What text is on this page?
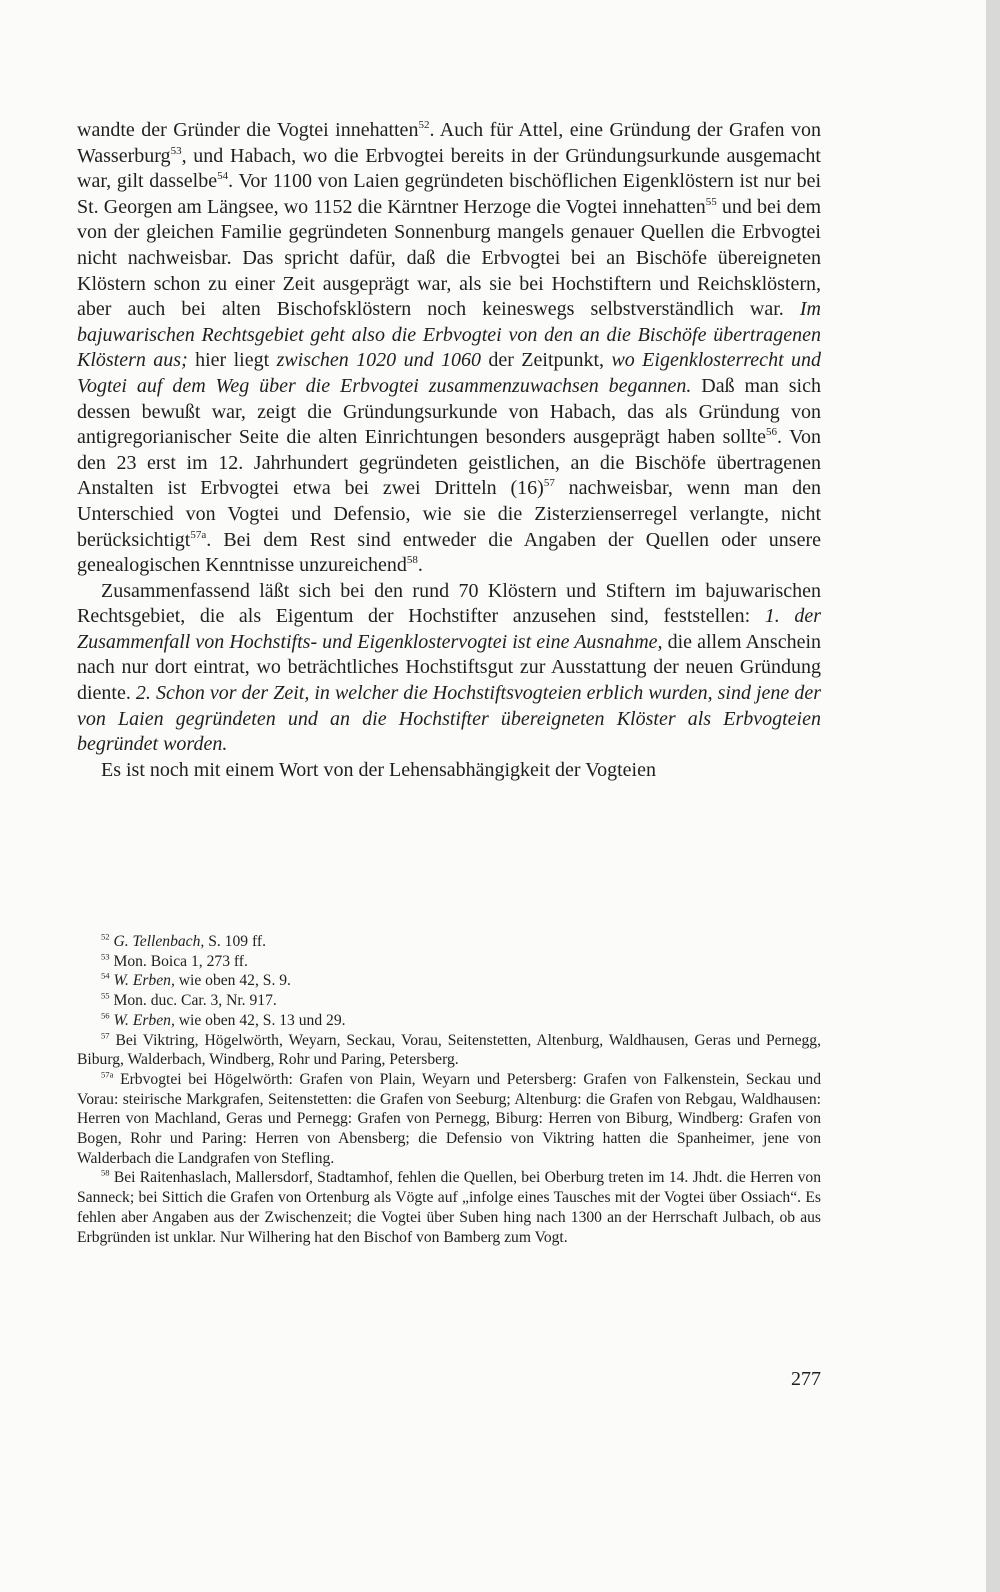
wandte der Gründer die Vogtei innehatten$^{52}$. Auch für Attel, eine Gründung der Grafen von Wasserburg$^{53}$, und Habach, wo die Erbvogtei bereits in der Gründungsurkunde ausgemacht war, gilt dasselbe$^{54}$. Vor 1100 von Laien gegründeten bischöflichen Eigenklöstern ist nur bei St. Georgen am Längsee, wo 1152 die Kärntner Herzoge die Vogtei innehatten$^{55}$ und bei dem von der gleichen Familie gegründeten Sonnenburg mangels genauer Quellen die Erbvogtei nicht nachweisbar. Das spricht dafür, daß die Erbvogtei bei an Bischöfe übereigneten Klöstern schon zu einer Zeit ausgeprägt war, als sie bei Hochstiftern und Reichsklöstern, aber auch bei alten Bischofsklöstern noch keineswegs selbstverständlich war. Im bajuwarischen Rechtsgebiet geht also die Erbvogtei von den an die Bischöfe übertragenen Klöstern aus; hier liegt zwischen 1020 und 1060 der Zeitpunkt, wo Eigenklosterrecht und Vogtei auf dem Weg über die Erbvogtei zusammenzuwachsen begannen. Daß man sich dessen bewußt war, zeigt die Gründungsurkunde von Habach, das als Gründung von antigregorianischer Seite die alten Einrichtungen besonders ausgeprägt haben sollte$^{56}$. Von den 23 erst im 12. Jahrhundert gegründeten geistlichen, an die Bischöfe übertragenen Anstalten ist Erbvogtei etwa bei zwei Dritteln $(16)^{57}$ nachweisbar, wenn man den Unterschied von Vogtei und Defensio, wie sie die Zisterzienserregel verlangte, nicht berücksichtigt$^{57a}$. Bei dem Rest sind entweder die Angaben der Quellen oder unsere genealogischen Kenntnisse unzureichend$^{58}$.

Zusammenfassend läßt sich bei den rund 70 Klöstern und Stiftern im bajuwarischen Rechtsgebiet, die als Eigentum der Hochstifter anzusehen sind, feststellen: 1. der Zusammenfall von Hochstifts- und Eigenklostervogtei ist eine Ausnahme, die allem Anschein nach nur dort eintrat, wo beträchtliches Hochstiftsgut zur Ausstattung der neuen Gründung diente. 2. Schon vor der Zeit, in welcher die Hochstiftsvogteien erblich wurden, sind jene der von Laien gegründeten und an die Hochstifter übereigneten Klöster als Erbvogteien begründet worden.

Es ist noch mit einem Wort von der Lehensabhängigkeit der Vogteien

$^{52}$ G. Tellenbach, S. 109 ff.

$^{53}$ Mon. Boica 1, 273 ff.

$^{54}$ W. Erben, wie oben 42, S. 9.

$^{55}$ Mon. duc. Car. 3, Nr. 917.

$^{56}$ W. Erben, wie oben 42, S. 13 und 29.

$^{57}$ Bei Viktring, Högelwörth, Weyarn, Seckau, Vorau, Seitenstetten, Altenburg, Waldhausen, Geras und Pernegg, Biburg, Walderbach, Windberg, Rohr und Paring, Petersberg.

$^{57a}$ Erbvogtei bei Högelwörth: Grafen von Plain, Weyarn und Petersberg: Grafen von Falkenstein, Seckau und Vorau: steirische Markgrafen, Seitenstetten: die Grafen von Seeburg; Altenburg: die Grafen von Rebgau, Waldhausen: Herren von Machland, Geras und Pernegg: Grafen von Pernegg, Biburg: Herren von Biburg, Windberg: Grafen von Bogen, Rohr und Paring: Herren von Abensberg; die Defensio von Viktring hatten die Spanheimer, jene von Walderbach die Landgrafen von Stefling.

$^{58}$ Bei Raitenhaslach, Mallersdorf, Stadtamhof, fehlen die Quellen, bei Oberburg treten im 14. Jhdt. die Herren von Sanneck; bei Sittich die Grafen von Ortenburg als Vögte auf „infolge eines Tausches mit der Vogtei über Ossiach“. Es fehlen aber Angaben aus der Zwischenzeit; die Vogtei über Suben hing nach 1300 an der Herrschaft Julbach, ob aus Erbgründen ist unklar. Nur Wilhering hat den Bischof von Bamberg zum Vogt.

277
